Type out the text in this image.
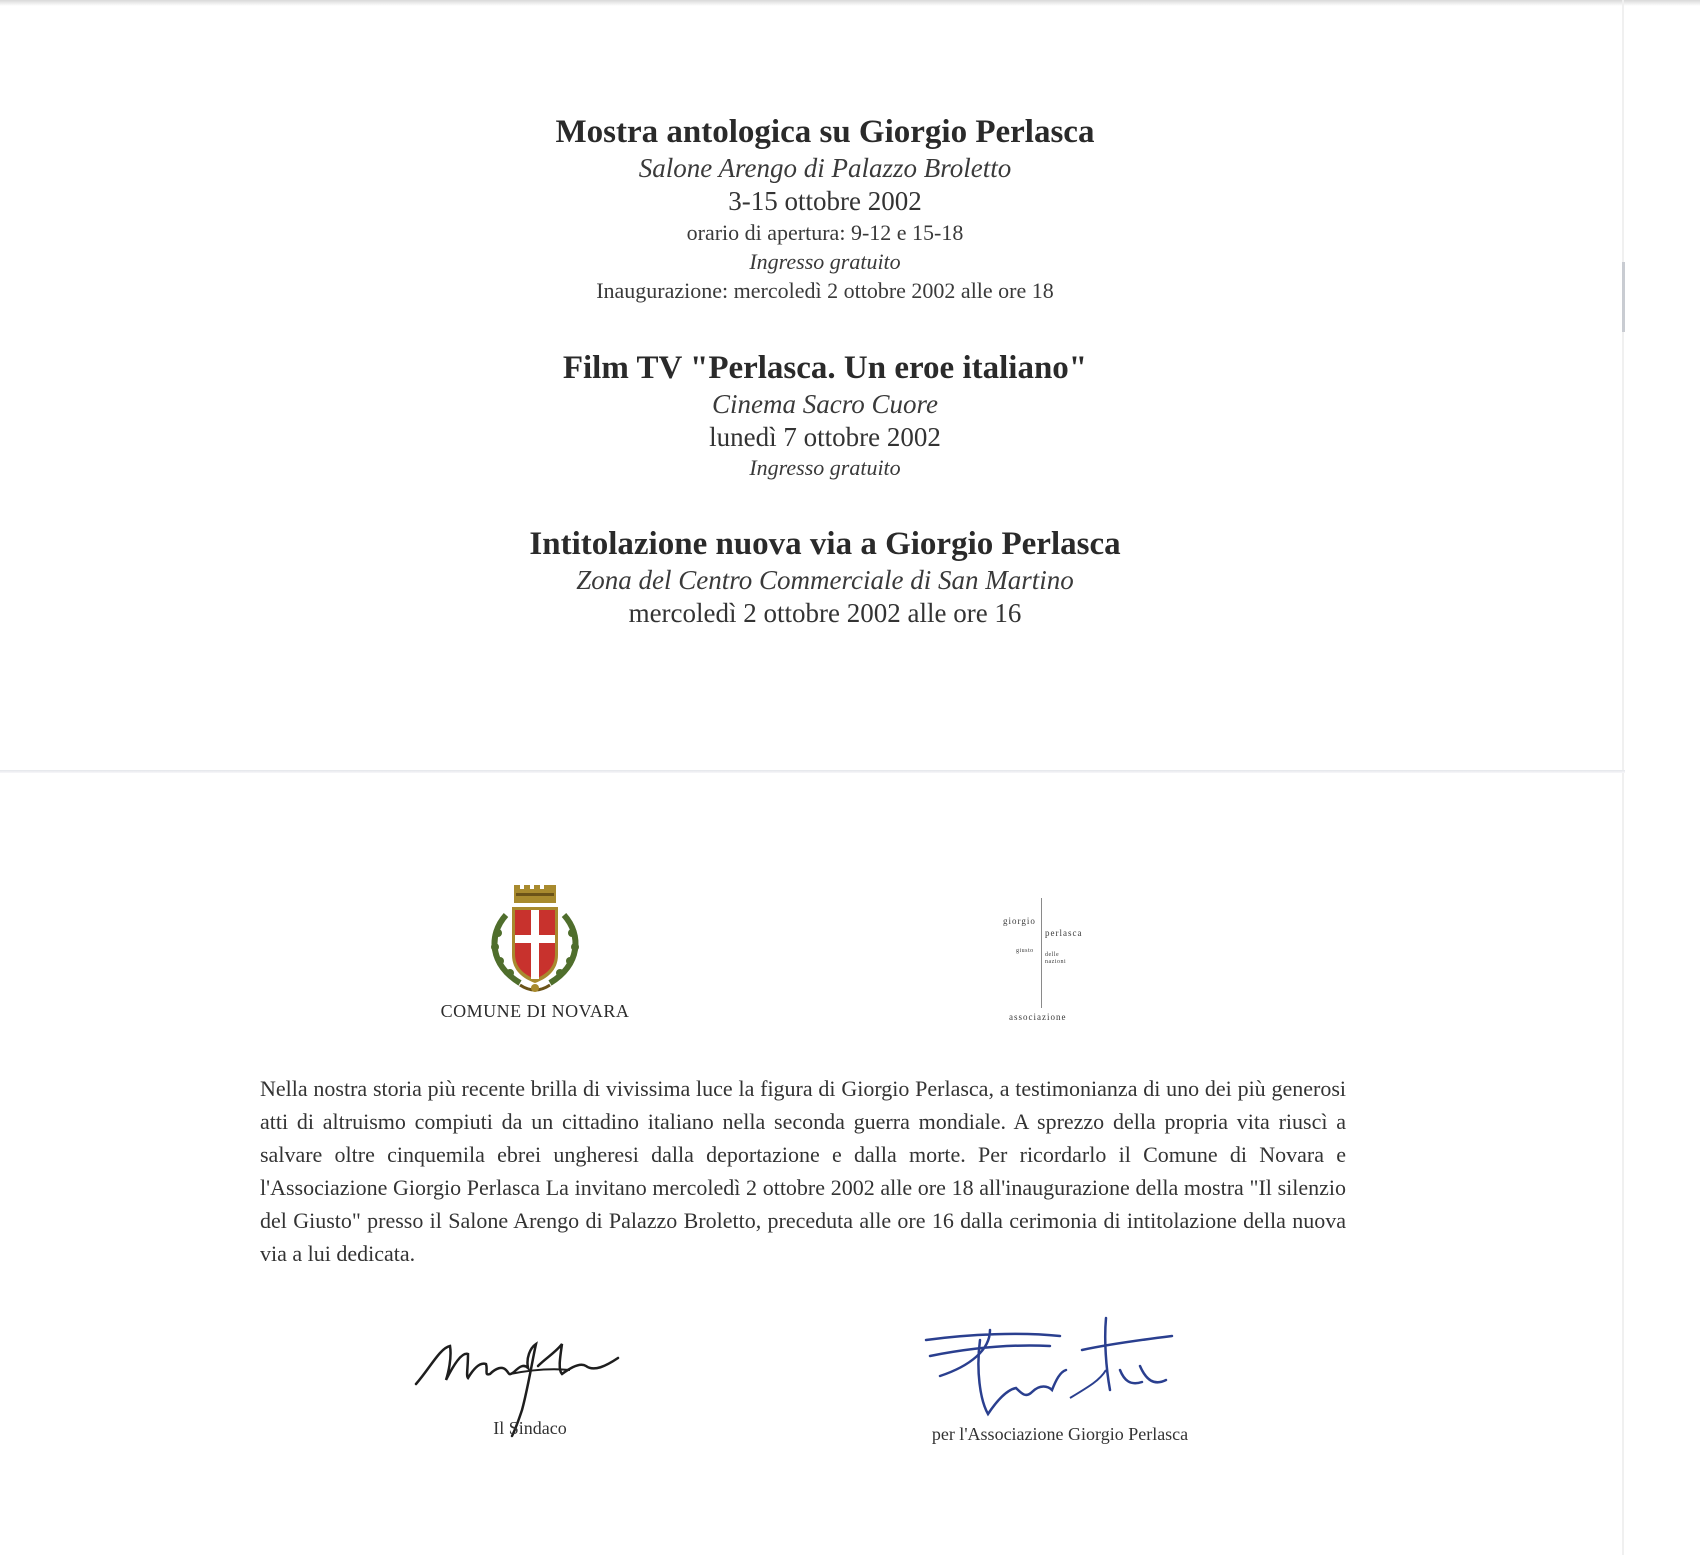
Mostra antologica su Giorgio Perlasca
Salone Arengo di Palazzo Broletto
3-15 ottobre 2002
orario di apertura: 9-12 e 15-18
Ingresso gratuito
Inaugurazione: mercoledì 2 ottobre 2002 alle ore 18
Film TV "Perlasca. Un eroe italiano"
Cinema Sacro Cuore
lunedì 7 ottobre 2002
Ingresso gratuito
Intitolazione nuova via a Giorgio Perlasca
Zona del Centro Commerciale di San Martino
mercoledì 2 ottobre 2002 alle ore 16
COMUNE DI NOVARA
giorgio
perlasca
giusto
delle
nazioni
associazione
Nella nostra storia più recente brilla di vivissima luce la figura di Giorgio Perlasca, a testimonianza di uno dei più generosi atti di altruismo compiuti da un cittadino italiano nella seconda guerra mondiale. A sprezzo della propria vita riuscì a salvare oltre cinquemila ebrei ungheresi dalla deportazione e dalla morte. Per ricordarlo il Comune di Novara e l'Associazione Giorgio Perlasca La invitano mercoledì 2 ottobre 2002 alle ore 18 all'inaugurazione della mostra "Il silenzio del Giusto" presso il Salone Arengo di Palazzo Broletto, preceduta alle ore 16 dalla cerimonia di intitolazione della nuova via a lui dedicata.
Il Sindaco	per l'Associazione Giorgio Perlasca
